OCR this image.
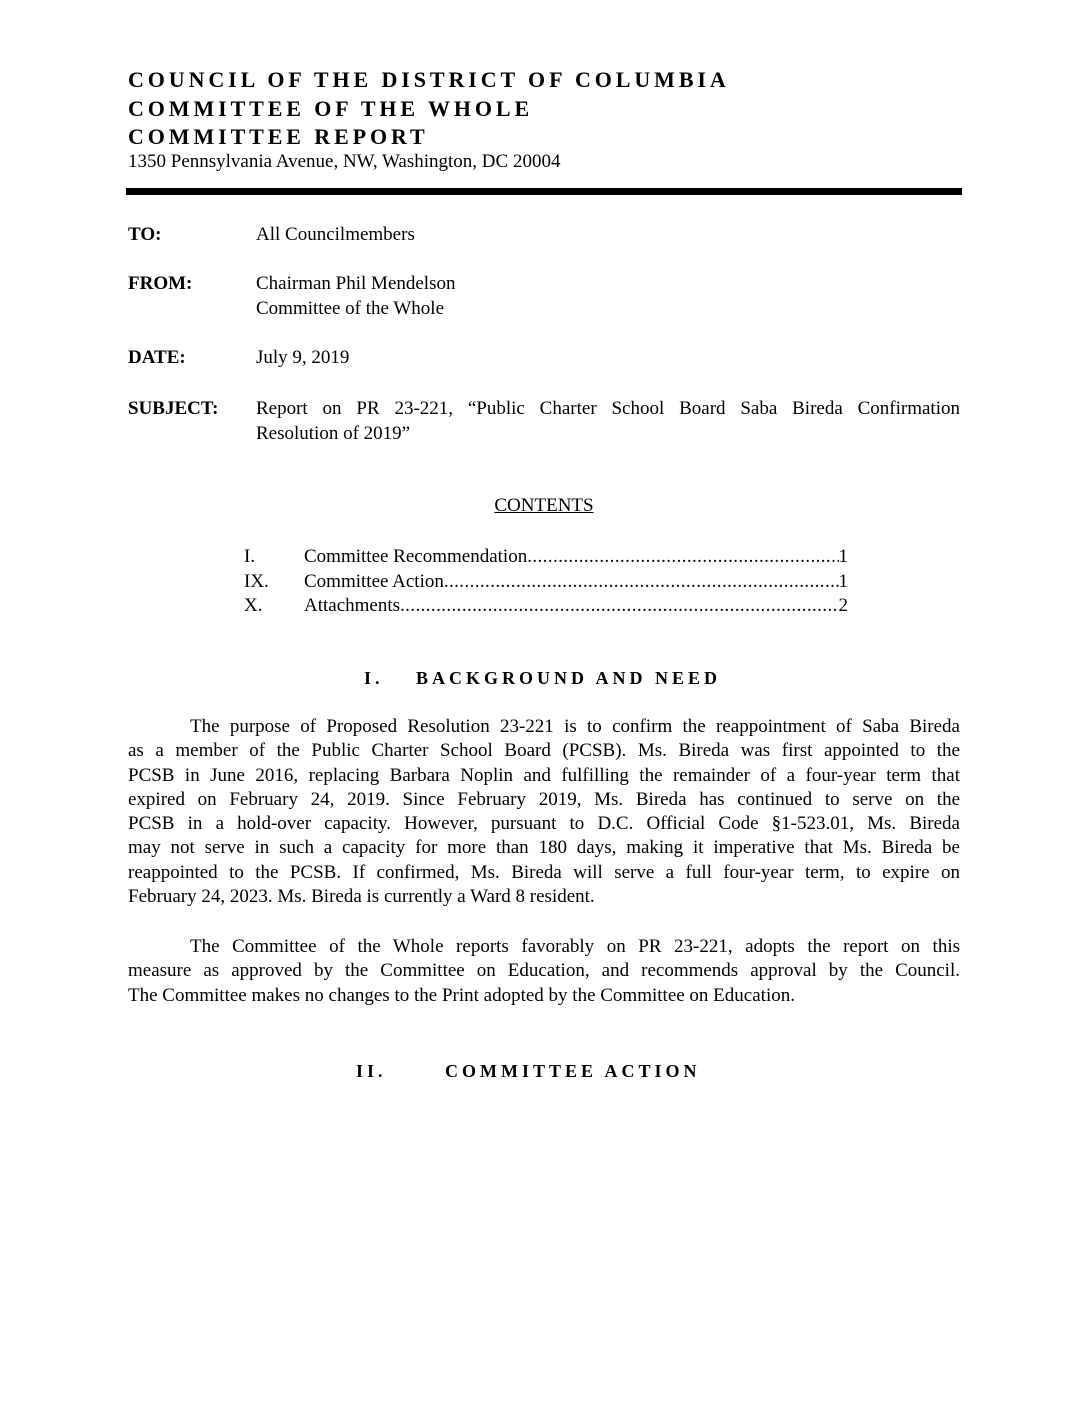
COUNCIL OF THE DISTRICT OF COLUMBIA
COMMITTEE OF THE WHOLE
COMMITTEE REPORT
1350 Pennsylvania Avenue, NW, Washington, DC 20004
TO:	All Councilmembers
FROM:	Chairman Phil Mendelson
Committee of the Whole
DATE:	July 9, 2019
SUBJECT: Report on PR 23-221, “Public Charter School Board Saba Bireda Confirmation
Resolution of 2019”
CONTENTS
I.	Committee Recommendation .....	1
IX. Committee Action .....	1
X. Attachments .....	2
I. BACKGROUND AND NEED
The purpose of Proposed Resolution 23-221 is to confirm the reappointment of Saba Bireda
as a member of the Public Charter School Board (PCSB). Ms. Bireda was first appointed to the
PCSB in June 2016, replacing Barbara Noplin and fulfilling the remainder of a four-year term that
expired on February 24, 2019. Since February 2019, Ms. Bireda has continued to serve on the
PCSB in a hold-over capacity. However, pursuant to D.C. Official Code §1-523.01, Ms. Bireda
may not serve in such a capacity for more than 180 days, making it imperative that Ms. Bireda be
reappointed to the PCSB. If confirmed, Ms. Bireda will serve a full four-year term, to expire on
February 24, 2023. Ms. Bireda is currently a Ward 8 resident.
The Committee of the Whole reports favorably on PR 23-221, adopts the report on this
measure as approved by the Committee on Education, and recommends approval by the Council.
The Committee makes no changes to the Print adopted by the Committee on Education.
II.	COMMITTEE ACTION
